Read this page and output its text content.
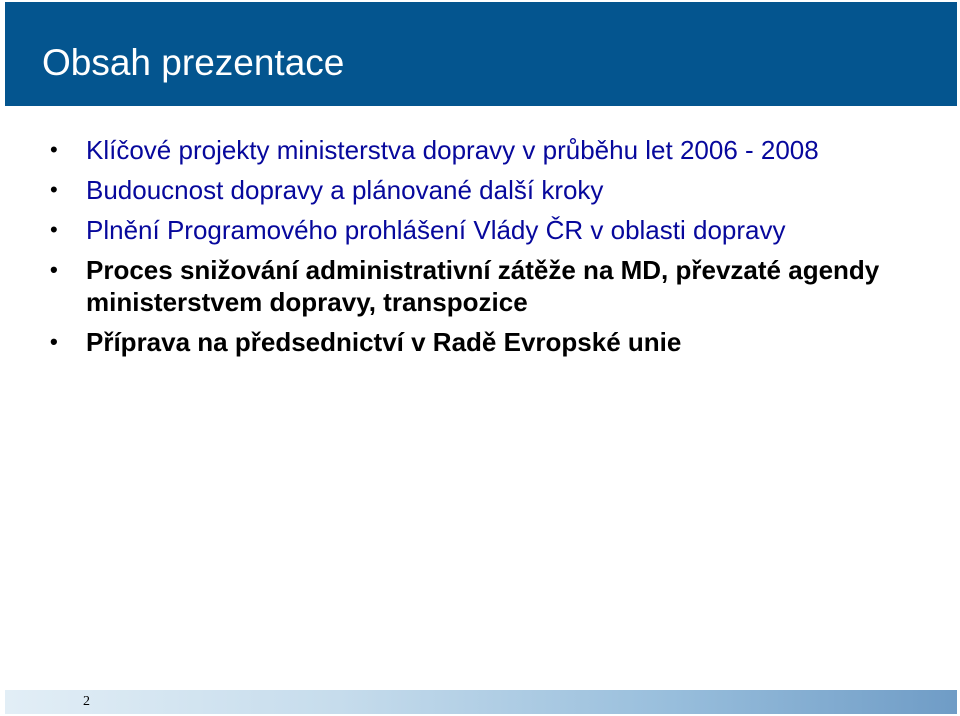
Obsah prezentace
• Klíčové projekty ministerstva dopravy v průběhu let 2006 - 2008
• Budoucnost dopravy a plánované další kroky
• Plnění Programového prohlášení Vlády ČR v oblasti dopravy
• Proces snižování administrativní zátěže na MD, převzaté agendy ministerstvem dopravy, transpozice
• Příprava na předsednictví v Radě Evropské unie
2
